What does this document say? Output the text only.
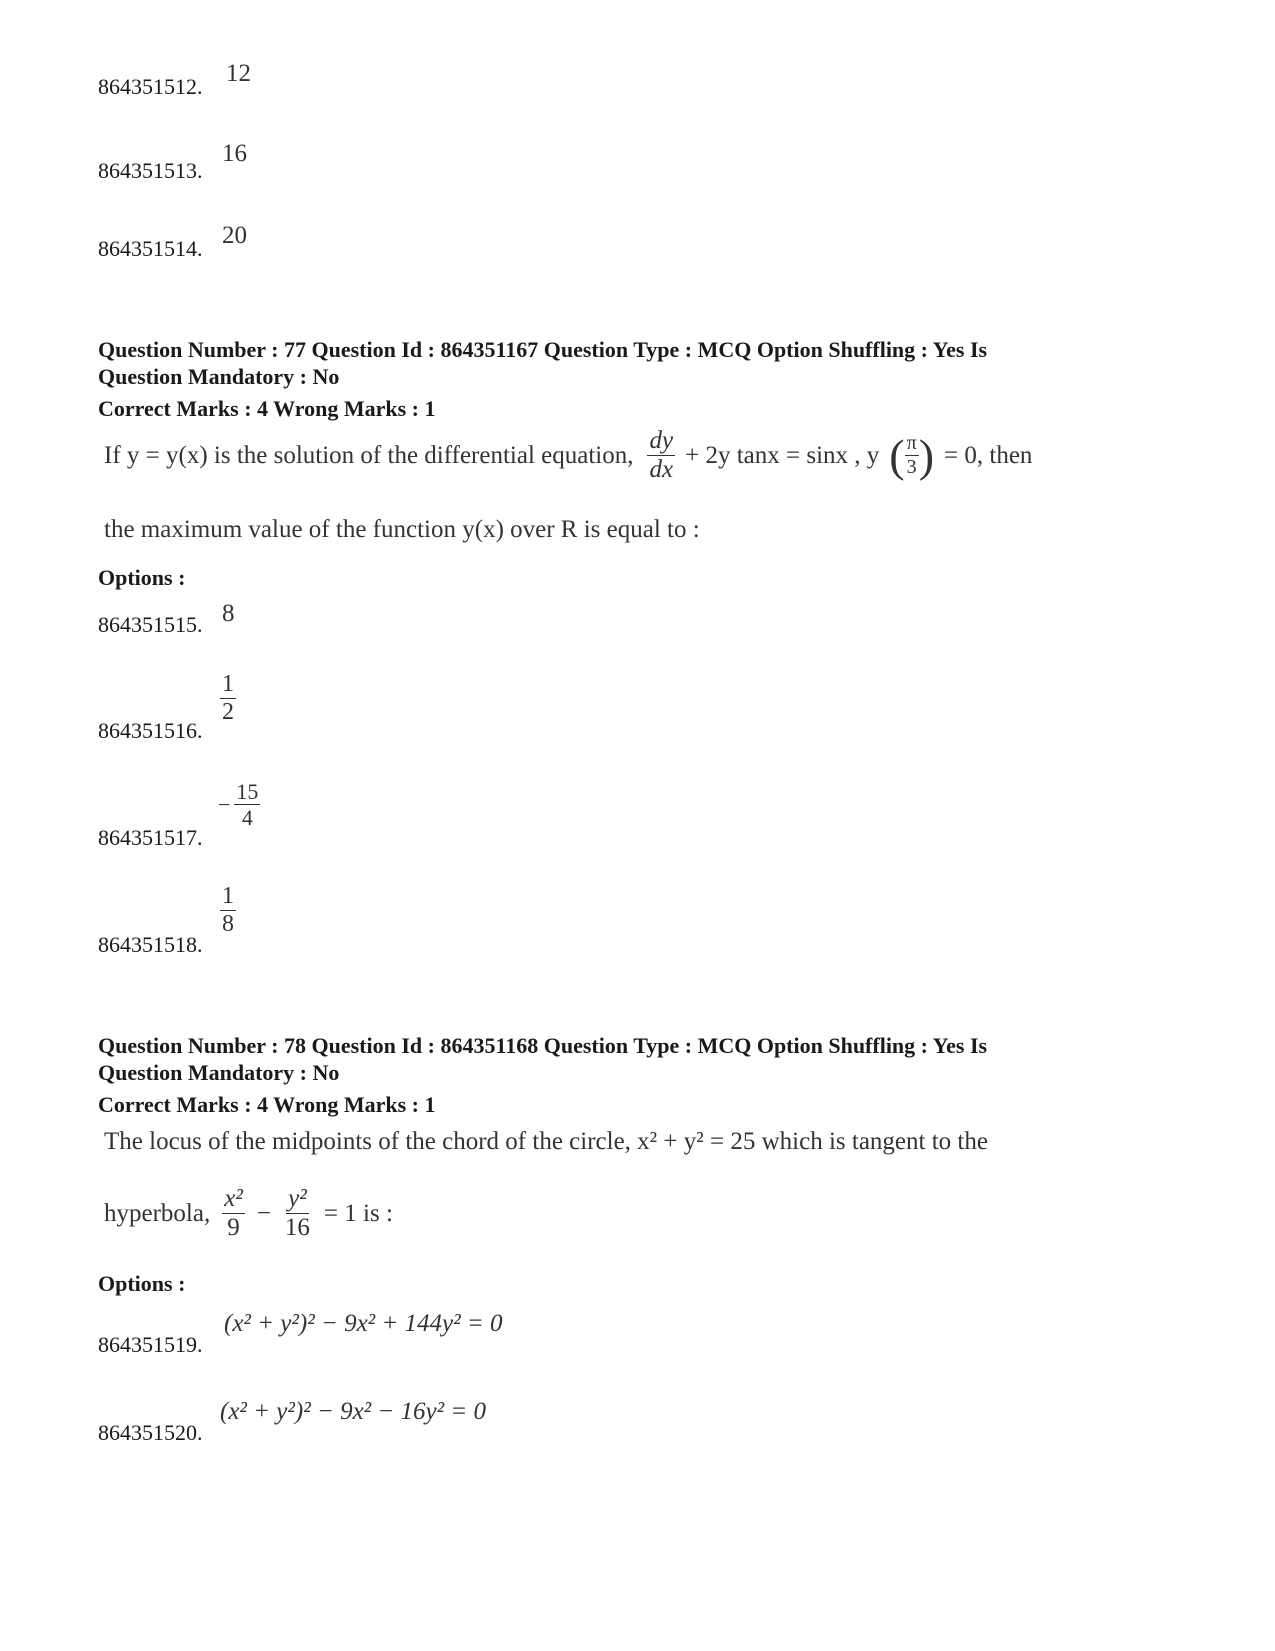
864351512. 12
864351513.
16
864351514. 20
Question Number : 77 Question Id : 864351167 Question Type : MCQ Option Shuffling : Yes Is
Question Mandatory : No
Correct Marks : 4 Wrong Marks : 1
If y = y(x) is the solution of the differential equation, $\frac{dy}{dx} + 2y$ tanx = sinx , y ( $\frac{\pi}{3}$ ) = 0, then
the maximum value of the function y(x) over R is equal to :
Options :
864351515. 8
864351516.
$\frac{1}{2}$
864351517.
− $\frac{15}{4}$
864351518.
$\frac{1}{8}$
Question Number : 78 Question Id : 864351168 Question Type : MCQ Option Shuffling : Yes Is
Question Mandatory : No
Correct Marks : 4 Wrong Marks : 1
The locus of the midpoints of the chord of the circle, x² + y² = 25 which is tangent to the
hyperbola, $\frac{\text{x²}}{9} - \frac{\text{y²}}{16} = 1$ is :
Options :
864351519.
(x² + y²)² − 9x² + 144y² = 0
864351520.
(x² + y²)² − 9x² − 16y² = 0
